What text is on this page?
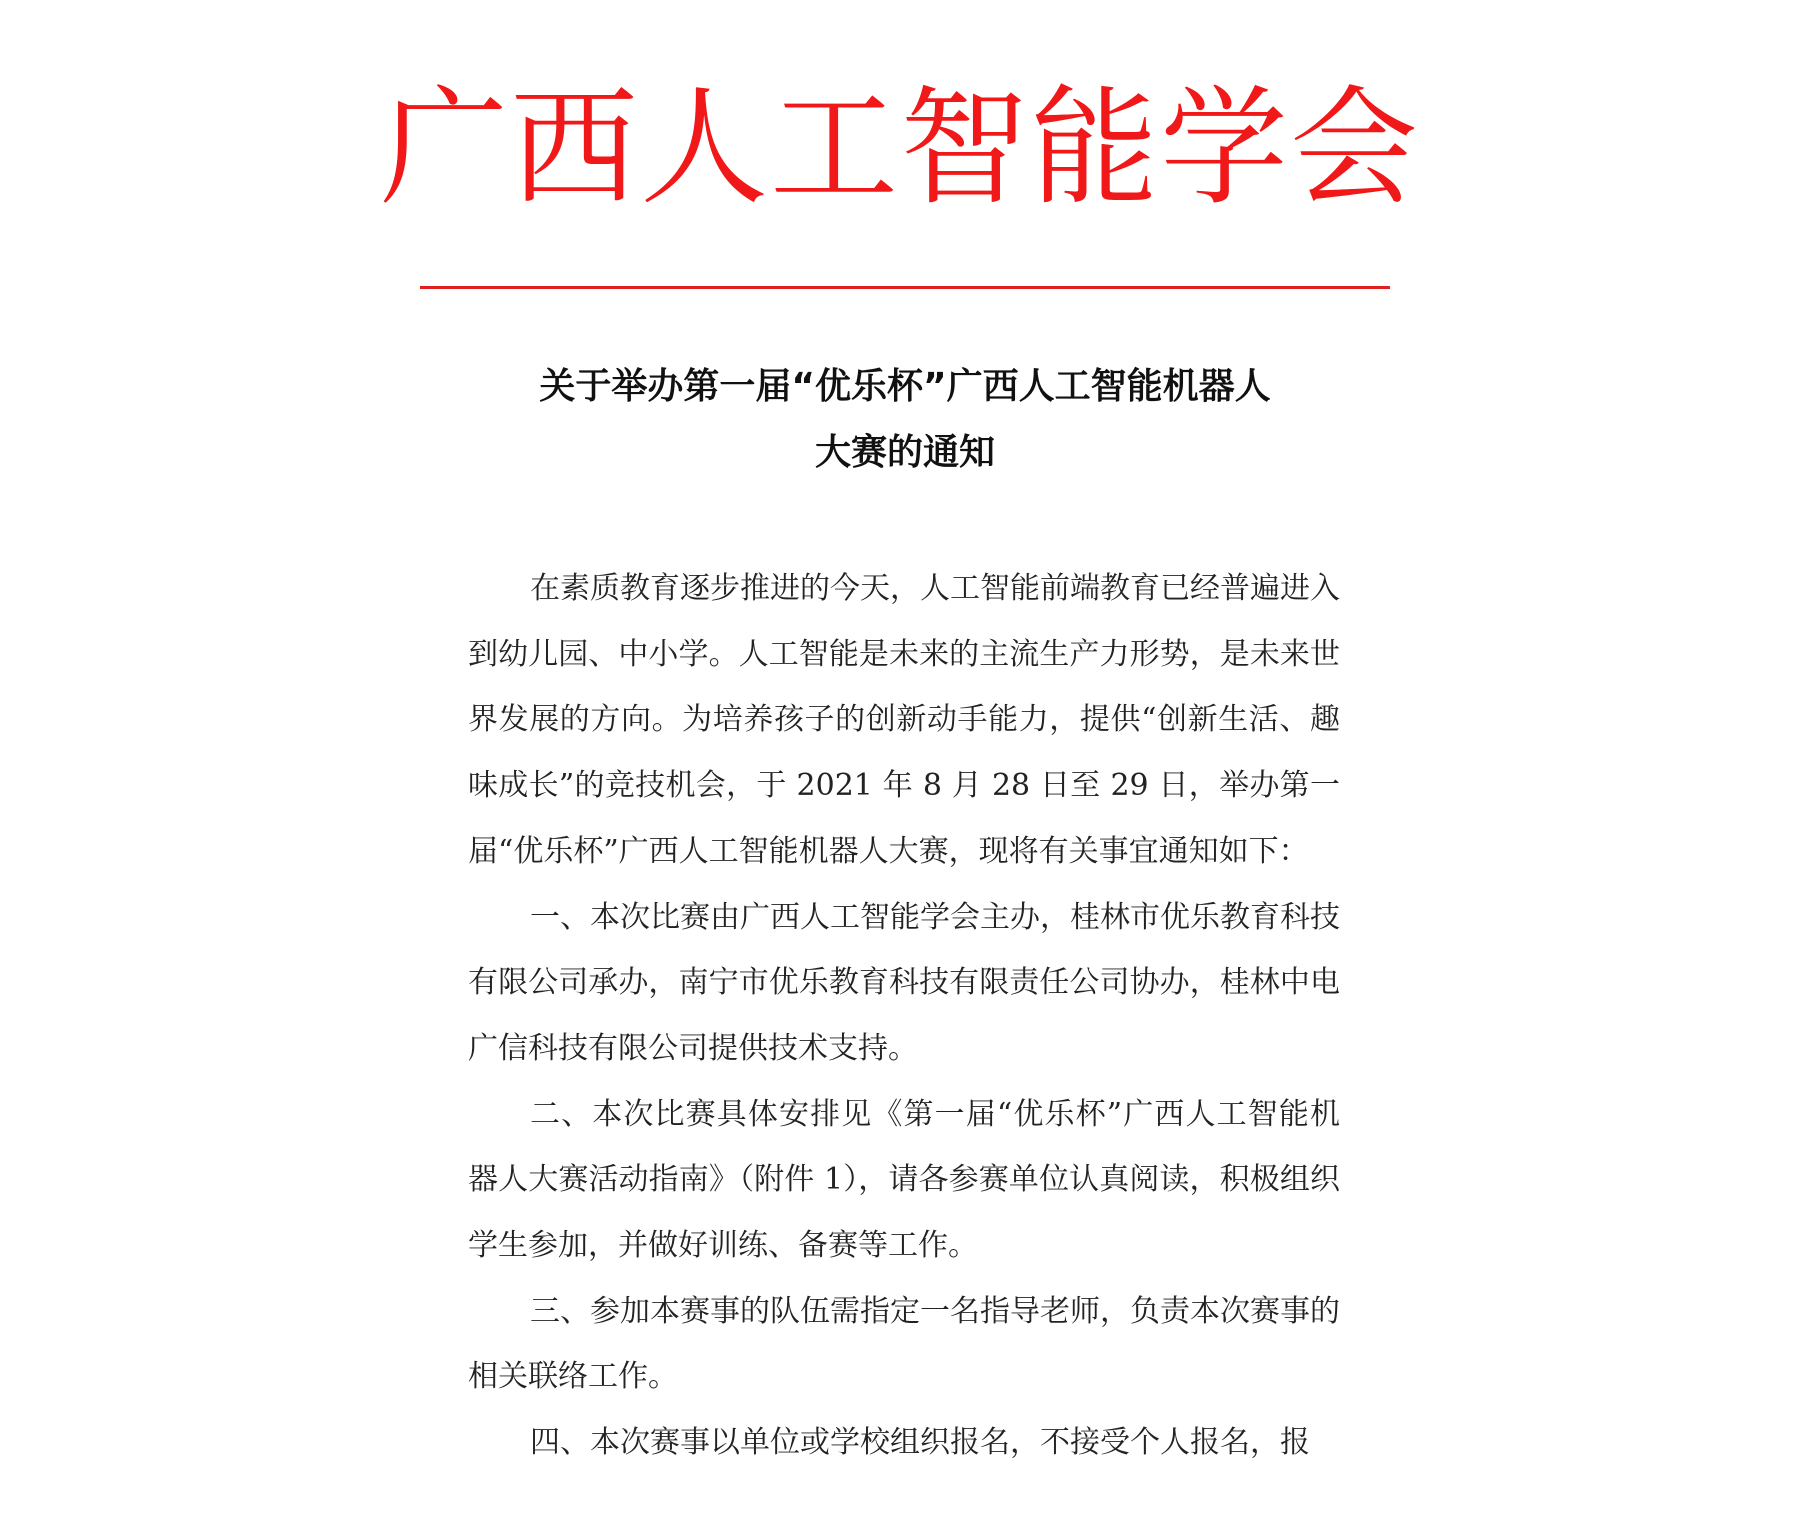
广西人工智能学会
关于举办第一届“优乐杯”广西人工智能机器人
大赛的通知

在素质教育逐步推进的今天，人工智能前端教育已经普遍进入到幼儿园、中小学。人工智能是未来的主流生产力形势，是未来世界发展的方向。为培养孩子的创新动手能力，提供“创新生活、趣味成长”的竞技机会，于 2021 年 8 月 28 日至 29 日，举办第一届“优乐杯”广西人工智能机器人大赛，现将有关事宜通知如下：

一、本次比赛由广西人工智能学会主办，桂林市优乐教育科技有限公司承办，南宁市优乐教育科技有限责任公司协办，桂林中电广信科技有限公司提供技术支持。

二、本次比赛具体安排见《第一届“优乐杯”广西人工智能机器人大赛活动指南》（附件 1），请各参赛单位认真阅读，积极组织学生参加，并做好训练、备赛等工作。

三、参加本赛事的队伍需指定一名指导老师，负责本次赛事的相关联络工作。

四、本次赛事以单位或学校组织报名，不接受个人报名，报
